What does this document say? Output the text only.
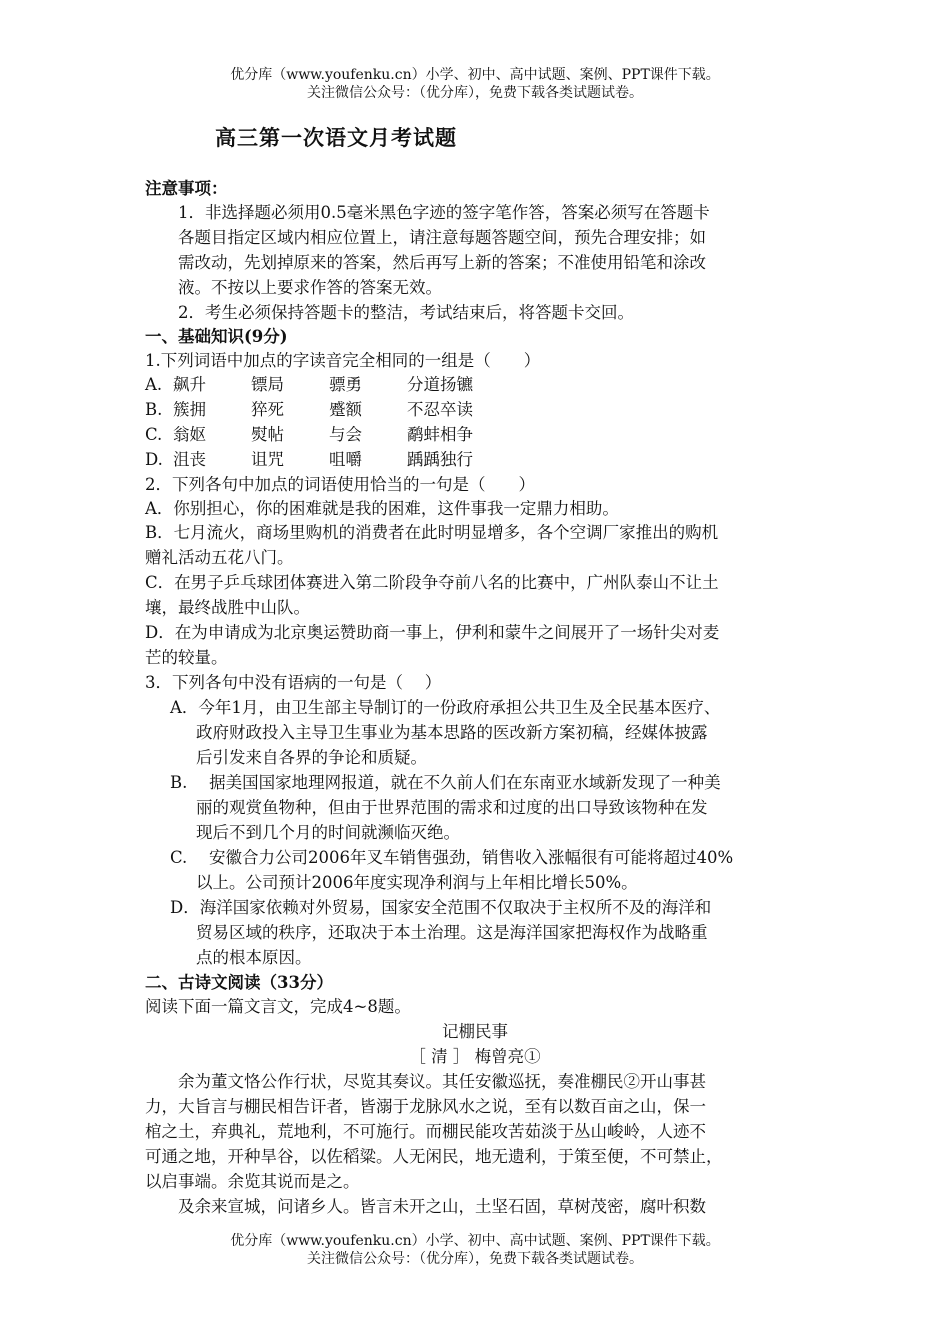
优分库（www.youfenku.cn）小学、初中、高中试题、案例、PPT课件下载。
关注微信公众号：（优分库），免费下载各类试题试卷。
高三第一次语文月考试题
注意事项：
1．非选择题必须用0.5毫米黑色字迹的签字笔作答，答案必须写在答题卡
各题目指定区域内相应位置上，请注意每题答题空间，预先合理安排；如
需改动，先划掉原来的答案，然后再写上新的答案；不准使用铅笔和涂改
液。不按以上要求作答的答案无效。
2．考生必须保持答题卡的整洁，考试结束后，将答题卡交回。
一、基础知识(9分)
1.下列词语中加点的字读音完全相同的一组是（　　）
A.飙升	镖局	骠勇	分道扬镳
B.簇拥	猝死	蹙额	不忍卒读
C.翁妪	熨帖	与会	鹬蚌相争
D.沮丧	诅咒	咀嚼	踽踽独行
2．下列各句中加点的词语使用恰当的一句是（　　）
A．你别担心，你的困难就是我的困难，这件事我一定鼎力相助。
B．七月流火，商场里购机的消费者在此时明显增多，各个空调厂家推出的购机
赠礼活动五花八门。
C．在男子乒乓球团体赛进入第二阶段争夺前八名的比赛中，广州队泰山不让土
壤，最终战胜中山队。
D．在为申请成为北京奥运赞助商一事上，伊利和蒙牛之间展开了一场针尖对麦
芒的较量。
3．下列各句中没有语病的一句是（　 ）
A．今年1月，由卫生部主导制订的一份政府承担公共卫生及全民基本医疗、
政府财政投入主导卫生事业为基本思路的医改新方案初稿，经媒体披露
后引发来自各界的争论和质疑。
B.　 据美国国家地理网报道，就在不久前人们在东南亚水域新发现了一种美
丽的观赏鱼物种，但由于世界范围的需求和过度的出口导致该物种在发
现后不到几个月的时间就濒临灭绝。
C.　 安徽合力公司2006年叉车销售强劲，销售收入涨幅很有可能将超过40%
以上。公司预计2006年度实现净利润与上年相比增长50%。
D．海洋国家依赖对外贸易，国家安全范围不仅取决于主权所不及的海洋和
贸易区域的秩序，还取决于本土治理。这是海洋国家把海权作为战略重
点的根本原因。
二、古诗文阅读（33分）
阅读下面一篇文言文，完成4~8题。
记棚民事
［ 清 ］ 梅曾亮①
余为董文恪公作行状，尽览其奏议。其任安徽巡抚，奏准棚民②开山事甚
力，大旨言与棚民相告讦者，皆溺于龙脉风水之说，至有以数百亩之山，保一
棺之土，弃典礼，荒地利，不可施行。而棚民能攻苦茹淡于丛山峻岭，人迹不
可通之地，开种旱谷，以佐稻粱。人无闲民，地无遗利，于策至便，不可禁止，
以启事端。余览其说而是之。
及余来宣城，问诸乡人。皆言未开之山，土坚石固，草树茂密，腐叶积数
优分库（www.youfenku.cn）小学、初中、高中试题、案例、PPT课件下载。
关注微信公众号：（优分库），免费下载各类试题试卷。
